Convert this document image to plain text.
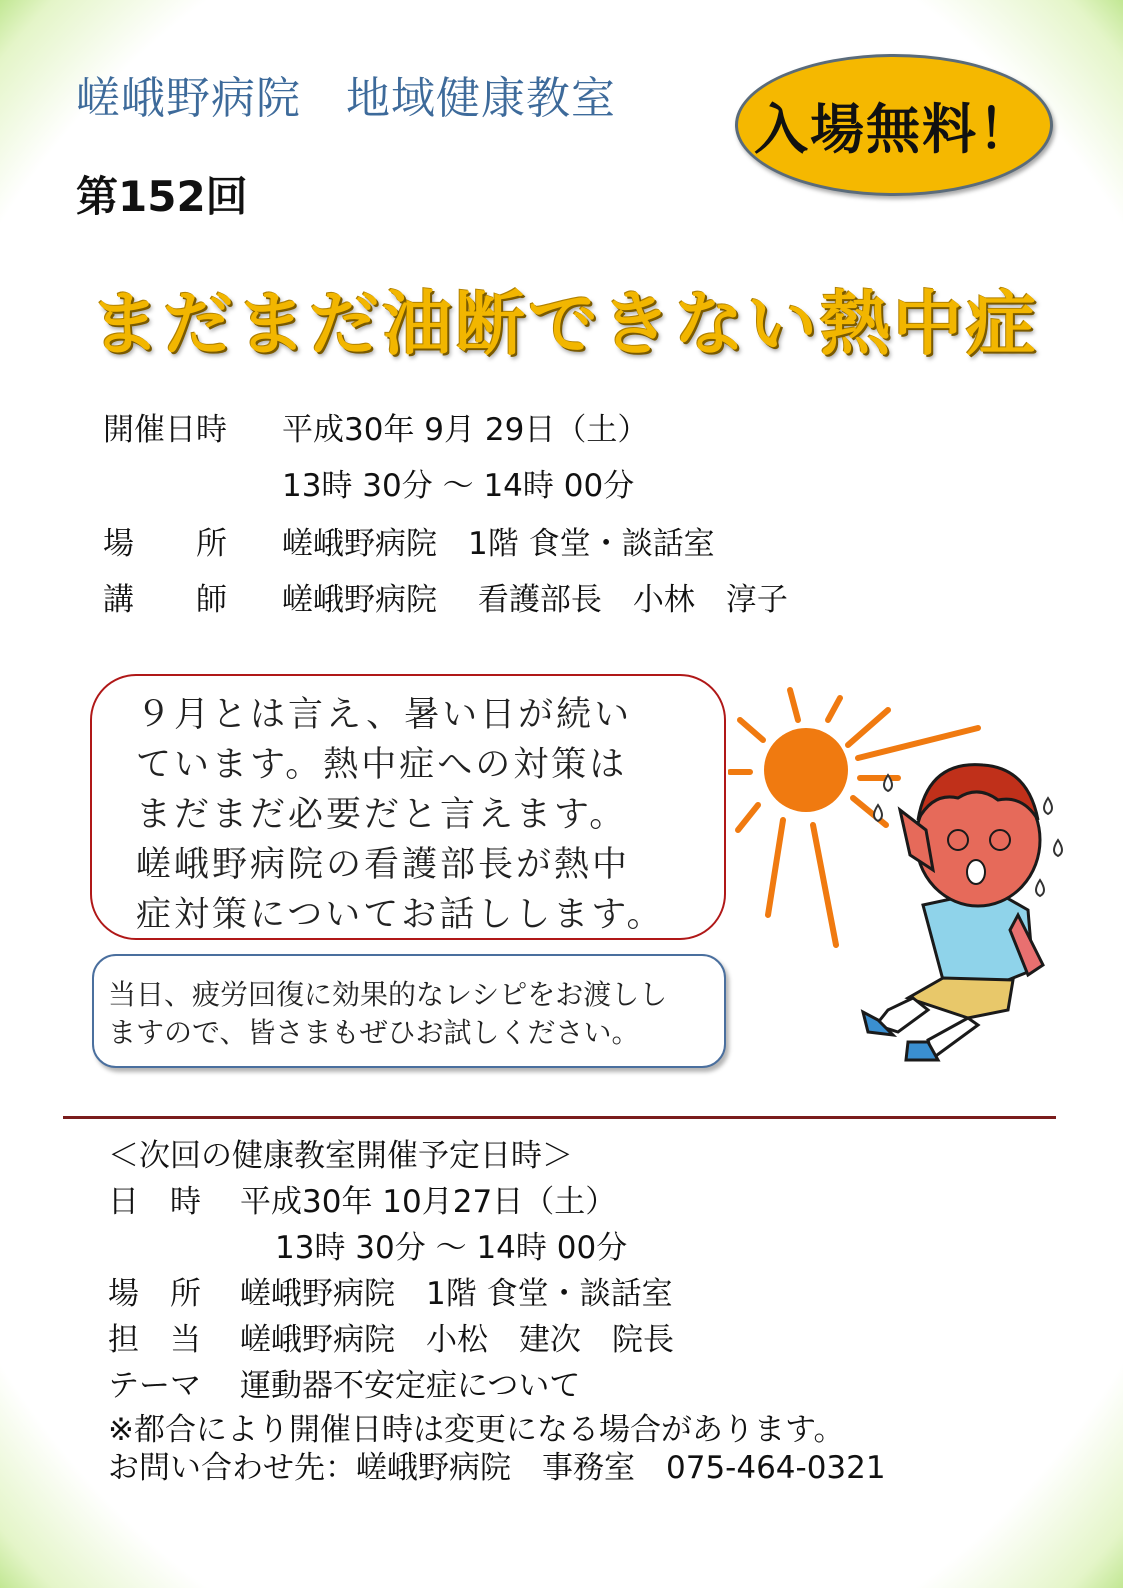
嵯峨野病院　地域健康教室
第152回
入場無料！
まだまだ油断できない熱中症
開催日時 平成30年 9月 29日（土）
13時 30分 ～ 14時 00分
場　　所 嵯峨野病院　1階 食堂・談話室
講　　師 嵯峨野病院　 看護部長　小林　淳子

９月とは言え、暑い日が続い

ています。熱中症への対策は

まだまだ必要だと言えます。

嵯峨野病院の看護部長が熱中

症対策についてお話しします。

当日、疲労回復に効果的なレシピをお渡しし

ますので、皆さまもぜひお試しください。

＜次回の健康教室開催予定日時＞
日　時 平成30年 10月27日（土）
13時 30分 ～ 14時 00分
場　所 嵯峨野病院　1階 食堂・談話室
担　当 嵯峨野病院　小松　建次　院長
テーマ 運動器不安定症について
※都合により開催日時は変更になる場合があります。
お問い合わせ先：嵯峨野病院　事務室　075-464-0321
